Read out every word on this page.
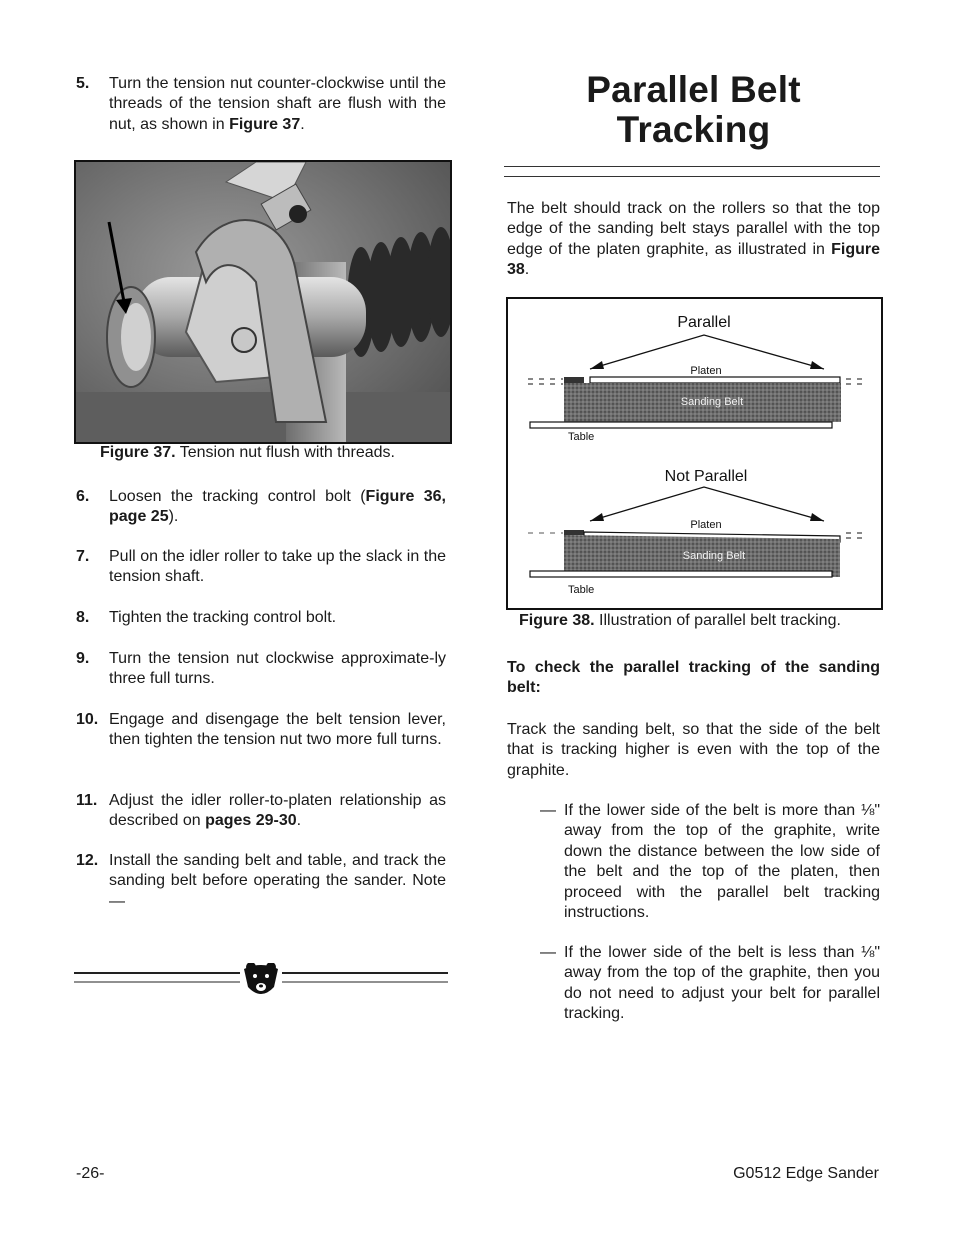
5. Turn the tension nut counter-clockwise until the threads of the tension shaft are flush with the nut, as shown in Figure 37.
Figure 37. Tension nut flush with threads.
6. Loosen the tracking control bolt (Figure 36, page 25).
7. Pull on the idler roller to take up the slack in the tension shaft.
8. Tighten the tracking control bolt.
9. Turn the tension nut clockwise approximate-ly three full turns.
10. Engage and disengage the belt tension lever, then tighten the tension nut two more full turns.
11. Adjust the idler roller-to-platen relationship as described on pages 29-30.
12. Install the sanding belt and table, and track the sanding belt before operating the sander. Note—
Parallel Belt
Tracking
The belt should track on the rollers so that the top edge of the sanding belt stays parallel with the top edge of the platen graphite, as illustrated in Figure 38.
Parallel
Platen
Sanding Belt
Table
Not Parallel
Platen
Sanding Belt
Table
Figure 38. Illustration of parallel belt tracking.
To check the parallel tracking of the sanding belt:
Track the sanding belt, so that the side of the belt that is tracking higher is even with the top of the graphite.
— If the lower side of the belt is more than ⅛" away from the top of the graphite, write down the distance between the low side of the belt and the top of the platen, then proceed with the parallel belt tracking instructions.
— If the lower side of the belt is less than ⅛" away from the top of the graphite, then you do not need to adjust your belt for parallel tracking.
-26-	G0512 Edge Sander
